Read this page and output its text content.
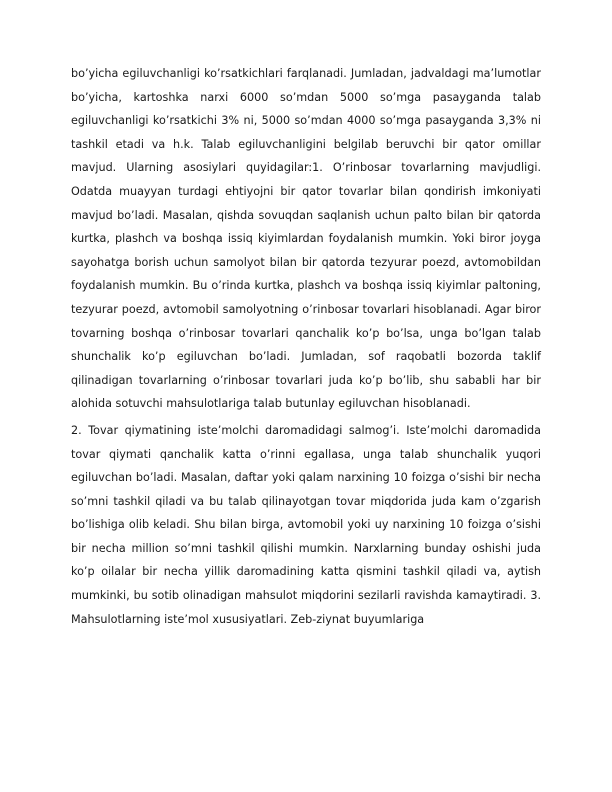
bo’yicha egiluvchanligi ko’rsatkichlari farqlanadi. Jumladan, jadvaldagi ma’lumotlar bo’yicha, kartoshka narxi 6000 so’mdan 5000 so’mga pasayganda talab egiluvchanligi ko’rsatkichi 3% ni, 5000 so’mdan 4000 so’mga pasayganda 3,3% ni tashkil etadi va h.k. Talab egiluvchanligini belgilab beruvchi bir qator omillar mavjud. Ularning asosiylari quyidagilar:1. O’rinbosar tovarlarning mavjudligi. Odatda muayyan turdagi ehtiyojni bir qator tovarlar bilan qondirish imkoniyati mavjud bo’ladi. Masalan, qishda sovuqdan saqlanish uchun palto bilan bir qatorda kurtka, plashch va boshqa issiq kiyimlardan foydalanish mumkin. Yoki biror joyga sayohatga borish uchun samolyot bilan bir qatorda tezyurar poezd, avtomobildan foydalanish mumkin. Bu o’rinda kurtka, plashch va boshqa issiq kiyimlar paltoning, tezyurar poezd, avtomobil samolyotning o’rinbosar tovarlari hisoblanadi. Agar biror tovarning boshqa o’rinbosar tovarlari qanchalik ko’p bo’lsa, unga bo’lgan talab shunchalik ko’p egiluvchan bo’ladi. Jumladan, sof raqobatli bozorda taklif qilinadigan tovarlarning o’rinbosar tovarlari juda ko’p bo’lib, shu sababli har bir alohida sotuvchi mahsulotlariga talab butunlay egiluvchan hisoblanadi.

2. Tovar qiymatining iste’molchi daromadidagi salmog’i. Iste’molchi daromadida tovar qiymati qanchalik katta o’rinni egallasa, unga talab shunchalik yuqori egiluvchan bo’ladi. Masalan, daftar yoki qalam narxining 10 foizga o’sishi bir necha so’mni tashkil qiladi va bu talab qilinayotgan tovar miqdorida juda kam o’zgarish bo’lishiga olib keladi. Shu bilan birga, avtomobil yoki uy narxining 10 foizga o’sishi bir necha million so’mni tashkil qilishi mumkin. Narxlarning bunday oshishi juda ko’p oilalar bir necha yillik daromadining katta qismini tashkil qiladi va, aytish mumkinki, bu sotib olinadigan mahsulot miqdorini sezilarli ravishda kamaytiradi. 3. Mahsulotlarning iste’mol xususiyatlari. Zeb-ziynat buyumlariga
